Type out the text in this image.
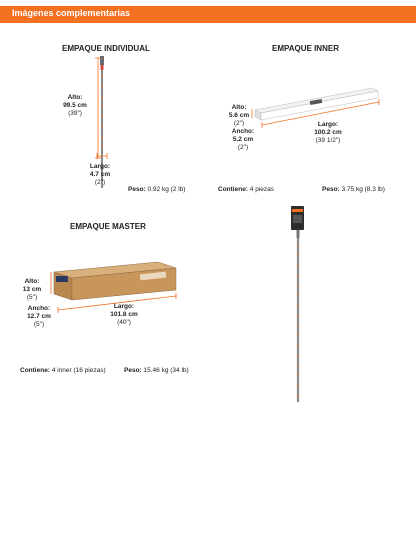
Imágenes complementarias
EMPAQUE INDIVIDUAL
Alto:
99.5 cm
(39")
Largo:
4.7 cm
(2")
Peso: 0.92 kg (2 lb)
EMPAQUE INNER
Alto:
5.6 cm
(2")
Ancho:
5.2 cm
(2")
Largo:
100.2 cm
(39 1/2")
Contiene: 4 piezas	Peso: 3.75 kg (8.3 lb)
EMPAQUE MASTER
Alto:
13 cm
(5")
Ancho:
12.7 cm
(5")
Largo:
101.8 cm
(40")
Contiene: 4 inner (16 piezas)	Peso: 15.46 kg (34 lb)
